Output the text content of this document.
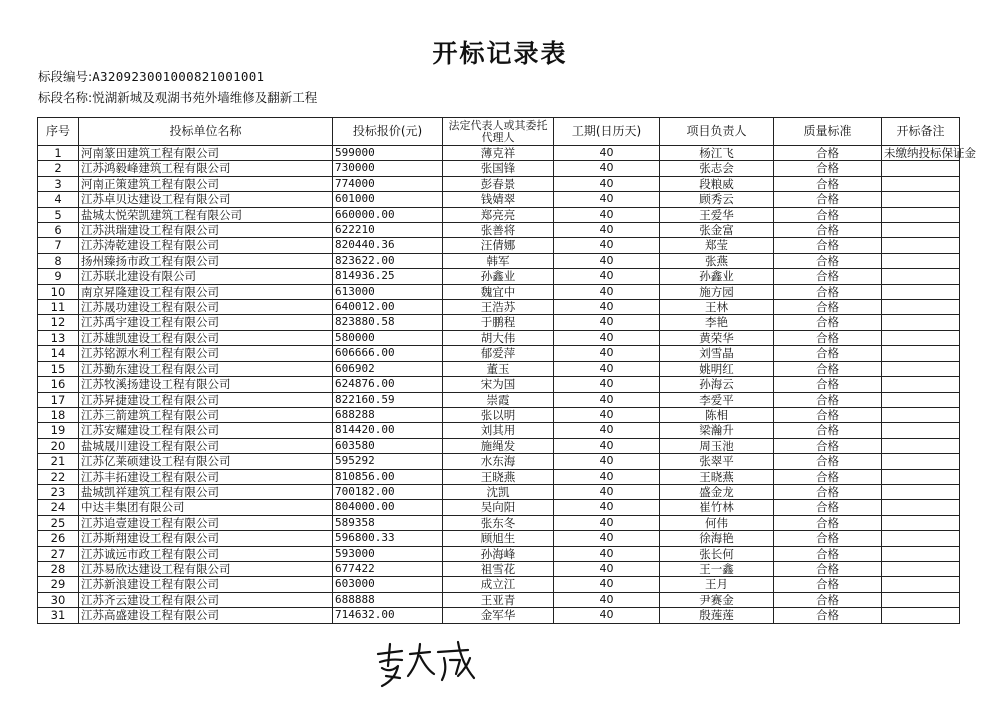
开标记录表
标段编号:A3209230010008210010​01
标段名称:悦湖新城及观湖书苑外墙维修及翻新工程
序号	投标单位名称	投标报价(元)	法定代表人或其委托代理人	工期(日历天)	项目负责人	质量标准	开标备注
1	河南篆田建筑工程有限公司	599000	薄克祥	40	杨江飞	合格	未缴纳投标保证金
2	江苏鸿毅峰建筑工程有限公司	730000	张国锋	40	张志会	合格	
3	河南正策建筑工程有限公司	774000	彭春景	40	段粮威	合格	
4	江苏卓贝达建设工程有限公司	601000	钱婧翠	40	顾秀云	合格	
5	盐城太悦荣凯建筑工程有限公司	660000.00	郑亮亮	40	王爱华	合格	
6	江苏洪瑞建设工程有限公司	622210	张善将	40	张金富	合格	
7	江苏涛乾建设工程有限公司	820440.36	汪倩娜	40	郑莹	合格	
8	扬州臻扬市政工程有限公司	823622.00	韩军	40	张燕	合格	
9	江苏联北建设有限公司	814936.25	孙鑫业	40	孙鑫业	合格	
10	南京昇隆建设工程有限公司	613000	魏宜中	40	施方园	合格	
11	江苏晟功建设工程有限公司	640012.00	王浩苏	40	王林	合格	
12	江苏禹宇建设工程有限公司	823880.58	于鹏程	40	李艳	合格	
13	江苏雄凯建设工程有限公司	580000	胡大伟	40	黄荣华	合格	
14	江苏铭源水利工程有限公司	606666.00	郁爱萍	40	刘雪晶	合格	
15	江苏勤东建设工程有限公司	606902	董玉	40	姚明红	合格	
16	江苏牧溪扬建设工程有限公司	624876.00	宋为国	40	孙海云	合格	
17	江苏昇捷建设工程有限公司	822160.59	崇霞	40	李爱平	合格	
18	江苏三箭建筑工程有限公司	688288	张以明	40	陈相	合格	
19	江苏安耀建设工程有限公司	814420.00	刘其用	40	梁瀚升	合格	
20	盐城晟川建设工程有限公司	603580	施绳发	40	周玉池	合格	
21	江苏亿莱硕建设工程有限公司	595292	水东海	40	张翠平	合格	
22	江苏丰拓建设工程有限公司	810856.00	王晓燕	40	王晓燕	合格	
23	盐城凯祥建筑工程有限公司	700182.00	沈凯	40	盛金龙	合格	
24	中达丰集团有限公司	804000.00	吴向阳	40	崔竹林	合格	
25	江苏追壹建设工程有限公司	589358	张东冬	40	何伟	合格	
26	江苏斯翔建设工程有限公司	596800.33	顾旭生	40	徐海艳	合格	
27	江苏诚远市政工程有限公司	593000	孙海峰	40	张长何	合格	
28	江苏易欣达建设工程有限公司	677422	祖雪花	40	王一鑫	合格	
29	江苏新浪建设工程有限公司	603000	成立江	40	王月	合格	
30	江苏齐云建设工程有限公司	688888	王亚青	40	尹赛金	合格	
31	江苏高盛建设工程有限公司	714632.00	金军华	40	殷莲莲	合格	
